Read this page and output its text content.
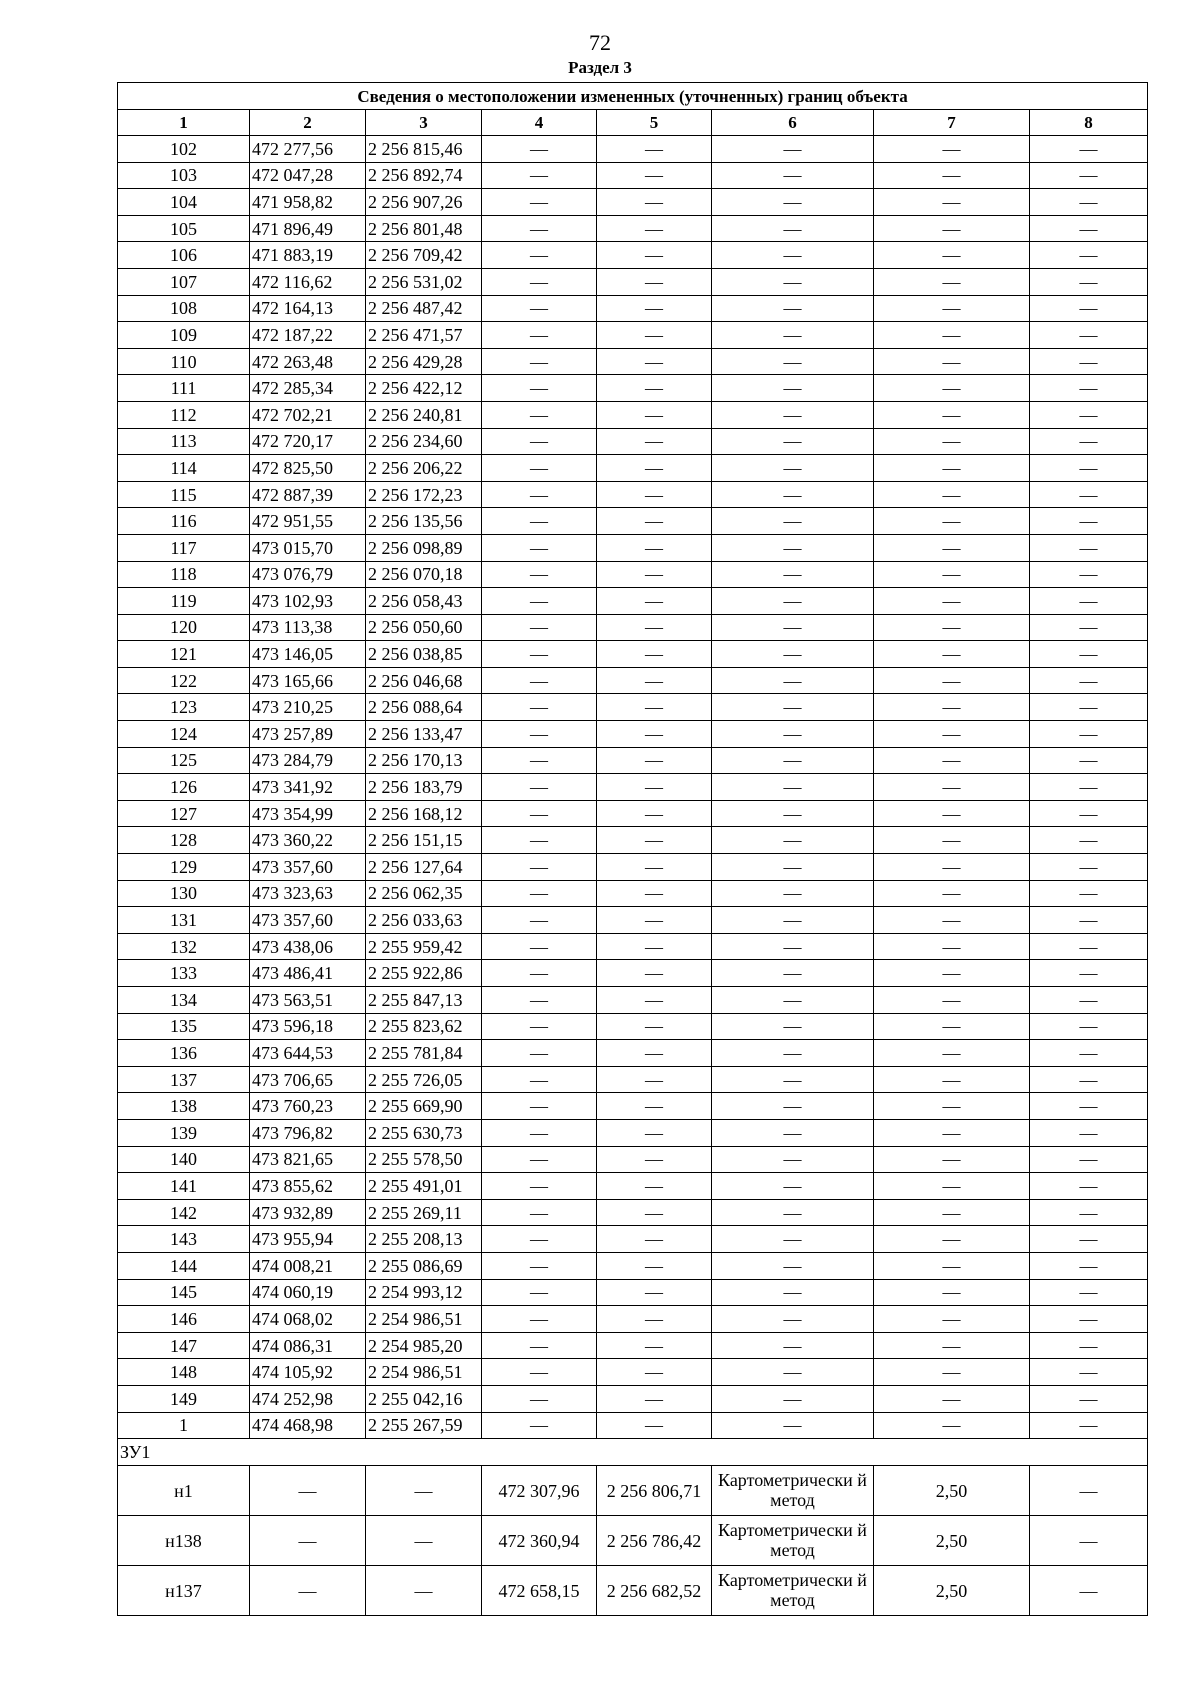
72
Раздел 3
Сведения о местоположении измененных (уточненных) границ объекта							
1	2	3	4	5	6	7	8
102	472 277,56	2 256 815,46	—	—	—	—	—
103	472 047,28	2 256 892,74	—	—	—	—	—
104	471 958,82	2 256 907,26	—	—	—	—	—
105	471 896,49	2 256 801,48	—	—	—	—	—
106	471 883,19	2 256 709,42	—	—	—	—	—
107	472 116,62	2 256 531,02	—	—	—	—	—
108	472 164,13	2 256 487,42	—	—	—	—	—
109	472 187,22	2 256 471,57	—	—	—	—	—
110	472 263,48	2 256 429,28	—	—	—	—	—
111	472 285,34	2 256 422,12	—	—	—	—	—
112	472 702,21	2 256 240,81	—	—	—	—	—
113	472 720,17	2 256 234,60	—	—	—	—	—
114	472 825,50	2 256 206,22	—	—	—	—	—
115	472 887,39	2 256 172,23	—	—	—	—	—
116	472 951,55	2 256 135,56	—	—	—	—	—
117	473 015,70	2 256 098,89	—	—	—	—	—
118	473 076,79	2 256 070,18	—	—	—	—	—
119	473 102,93	2 256 058,43	—	—	—	—	—
120	473 113,38	2 256 050,60	—	—	—	—	—
121	473 146,05	2 256 038,85	—	—	—	—	—
122	473 165,66	2 256 046,68	—	—	—	—	—
123	473 210,25	2 256 088,64	—	—	—	—	—
124	473 257,89	2 256 133,47	—	—	—	—	—
125	473 284,79	2 256 170,13	—	—	—	—	—
126	473 341,92	2 256 183,79	—	—	—	—	—
127	473 354,99	2 256 168,12	—	—	—	—	—
128	473 360,22	2 256 151,15	—	—	—	—	—
129	473 357,60	2 256 127,64	—	—	—	—	—
130	473 323,63	2 256 062,35	—	—	—	—	—
131	473 357,60	2 256 033,63	—	—	—	—	—
132	473 438,06	2 255 959,42	—	—	—	—	—
133	473 486,41	2 255 922,86	—	—	—	—	—
134	473 563,51	2 255 847,13	—	—	—	—	—
135	473 596,18	2 255 823,62	—	—	—	—	—
136	473 644,53	2 255 781,84	—	—	—	—	—
137	473 706,65	2 255 726,05	—	—	—	—	—
138	473 760,23	2 255 669,90	—	—	—	—	—
139	473 796,82	2 255 630,73	—	—	—	—	—
140	473 821,65	2 255 578,50	—	—	—	—	—
141	473 855,62	2 255 491,01	—	—	—	—	—
142	473 932,89	2 255 269,11	—	—	—	—	—
143	473 955,94	2 255 208,13	—	—	—	—	—
144	474 008,21	2 255 086,69	—	—	—	—	—
145	474 060,19	2 254 993,12	—	—	—	—	—
146	474 068,02	2 254 986,51	—	—	—	—	—
147	474 086,31	2 254 985,20	—	—	—	—	—
148	474 105,92	2 254 986,51	—	—	—	—	—
149	474 252,98	2 255 042,16	—	—	—	—	—
1	474 468,98	2 255 267,59	—	—	—	—	—
ЗУ1							
н1	—	—	472 307,96	2 256 806,71	Картометрически й метод	2,50	—
н138	—	—	472 360,94	2 256 786,42	Картометрически й метод	2,50	—
н137	—	—	472 658,15	2 256 682,52	Картометрически й метод	2,50	—
